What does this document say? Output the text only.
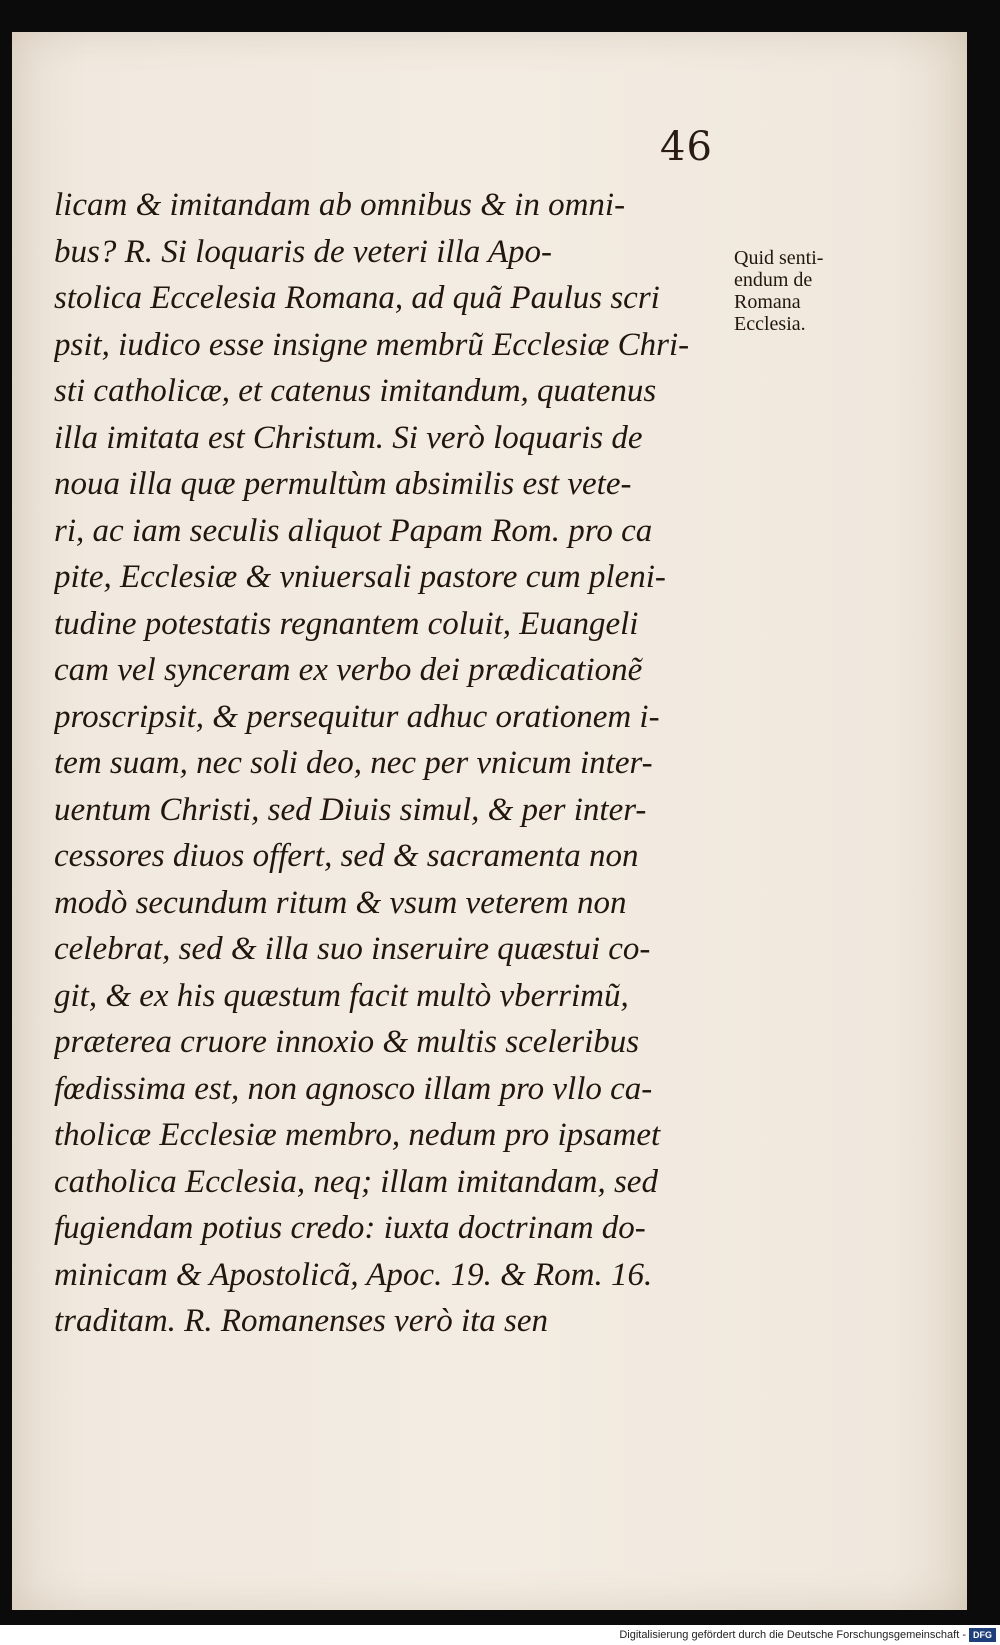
46
licam & imitandam ab omnibus & in omni-
bus? R. Si loquaris de veteri illa Apo-
stolica Eccelesia Romana, ad quã Paulus scri
psit, iudico esse insigne membrũ Ecclesiæ Chri-
sti catholicæ, et catenus imitandum, quatenus
illa imitata est Christum. Si verò loquaris de
noua illa quæ permultùm absimilis est vete-
ri, ac iam seculis aliquot Papam Rom. pro ca
pite, Ecclesiæ & vniuersali pastore cum pleni-
tudine potestatis regnantem coluit, Euangeli
cam vel synceram ex verbo dei prædicationẽ
proscripsit, & persequitur adhuc orationem i-
tem suam, nec soli deo, nec per vnicum inter-
uentum Christi, sed Diuis simul, & per inter-
cessores diuos offert, sed & sacramenta non
modò secundum ritum & vsum veterem non
celebrat, sed & illa suo inseruire quæstui co-
git, & ex his quæstum facit multò vberrimũ,
præterea cruore innoxio & multis sceleribus
fœdissima est, non agnosco illam pro vllo ca-
tholicæ Ecclesiæ membro, nedum pro ipsamet
catholica Ecclesia, neq; illam imitandam, sed
fugiendam potius credo: iuxta doctrinam do-
minicam & Apostolicã, Apoc. 19. & Rom. 16.
traditam. R. Romanenses verò ita sen
Quid senti-
endum de
Romana
Ecclesia.
Digitalisierung gefördert durch die Deutsche Forschungsgemeinschaft - DFG
